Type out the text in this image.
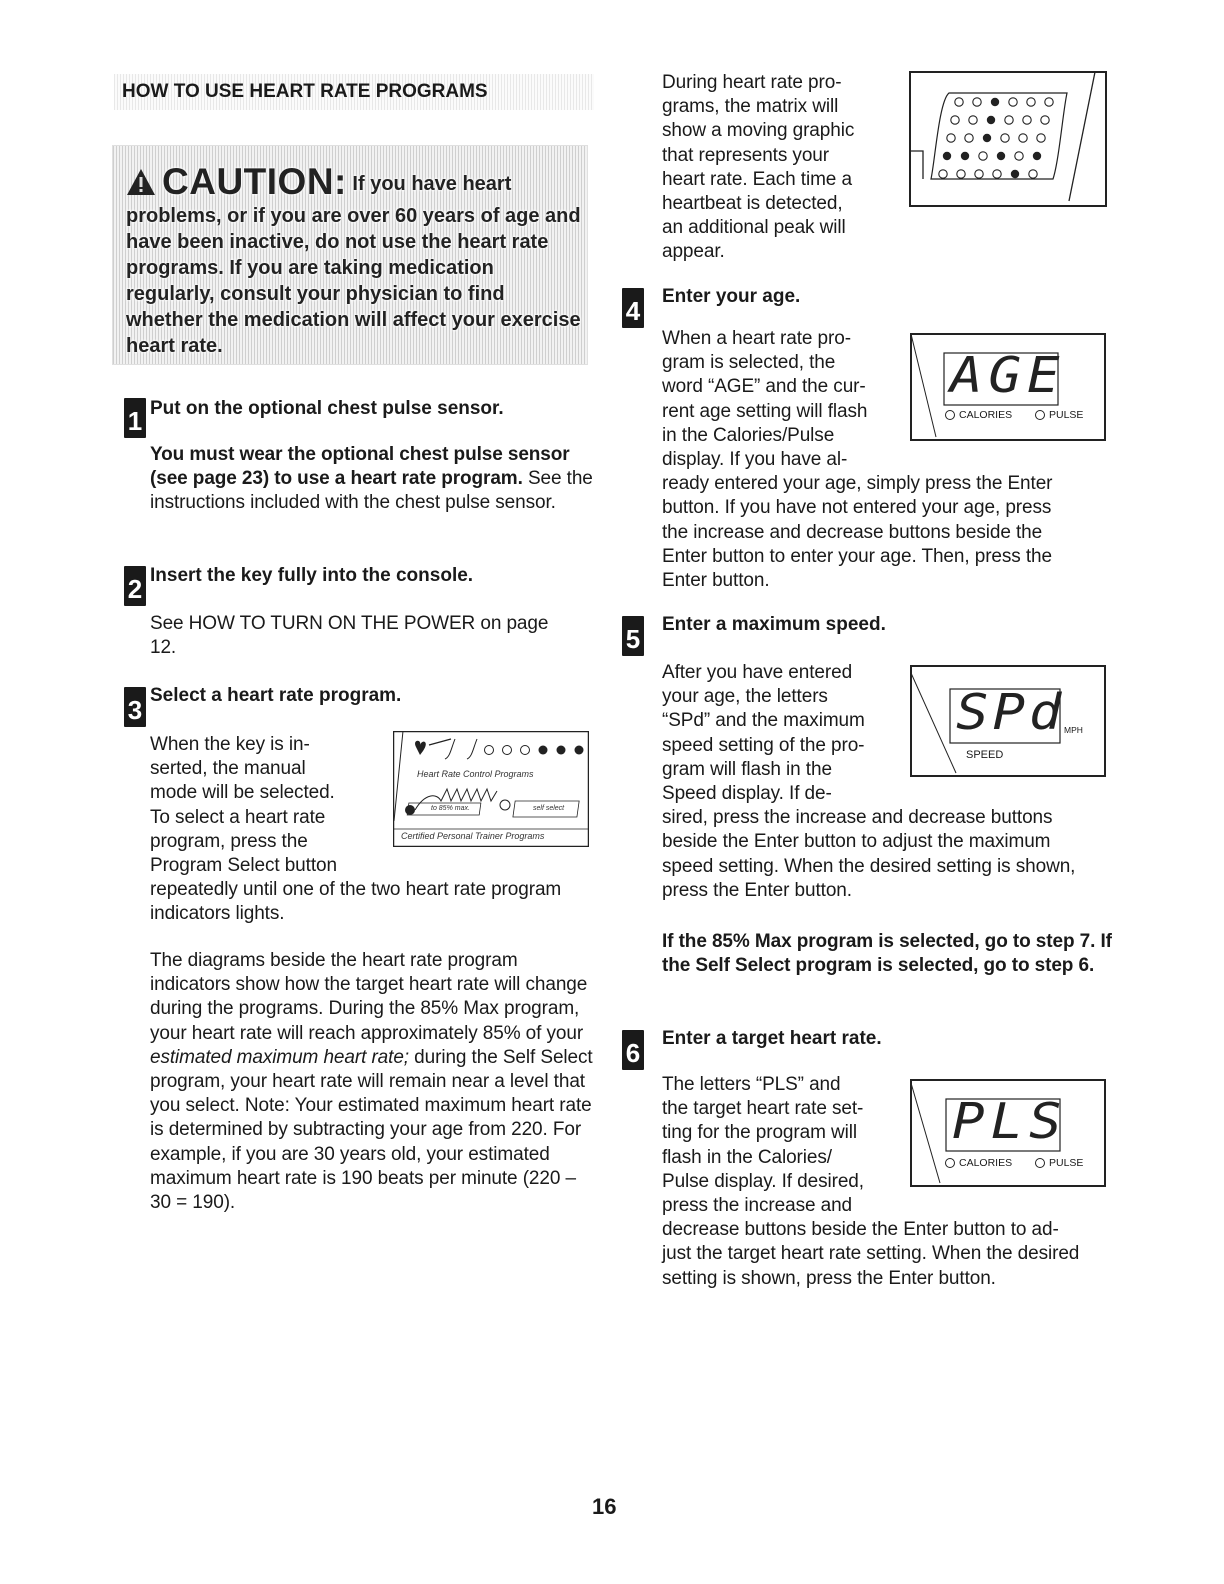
HOW TO USE HEART RATE PROGRAMS
CAUTION: If you have heart problems, or if you are over 60 years of age and have been inactive, do not use the heart rate programs. If you are taking medication regularly, consult your physician to find whether the medication will affect your exercise heart rate.
1 Put on the optional chest pulse sensor.
You must wear the optional chest pulse sensor (see page 23) to use a heart rate program. See the instructions included with the chest pulse sensor.
2 Insert the key fully into the console.
See HOW TO TURN ON THE POWER on page 12.
3 Select a heart rate program.
When the key is in-
serted, the manual
mode will be selected.
To select a heart rate
program, press the
Program Select button
repeatedly until one of the two heart rate program
indicators lights.
Heart Rate Control Programs
to 85% max.	self select
Certified Personal Trainer Programs
The diagrams beside the heart rate program indicators show how the target heart rate will change during the programs. During the 85% Max program, your heart rate will reach approximately 85% of your estimated maximum heart rate; during the Self Select program, your heart rate will remain near a level that you select. Note: Your estimated maximum heart rate is determined by subtracting your age from 220. For example, if you are 30 years old, your estimated maximum heart rate is 190 beats per minute (220 – 30 = 190).
During heart rate pro-
grams, the matrix will
show a moving graphic
that represents your
heart rate. Each time a
heartbeat is detected,
an additional peak will
appear.
4 Enter your age.
When a heart rate pro-
gram is selected, the
word “AGE” and the cur-
rent age setting will flash
in the Calories/Pulse
display. If you have al-
ready entered your age, simply press the Enter
button. If you have not entered your age, press
the increase and decrease buttons beside the
Enter button to enter your age. Then, press the
Enter button.
AGE
CALORIES	PULSE
5 Enter a maximum speed.
After you have entered
your age, the letters
“SPd” and the maximum
speed setting of the pro-
gram will flash in the
Speed display. If de-
sired, press the increase and decrease buttons
beside the Enter button to adjust the maximum
speed setting. When the desired setting is shown,
press the Enter button.
SPd
MPH
SPEED
If the 85% Max program is selected, go to step 7. If the Self Select program is selected, go to step 6.
6 Enter a target heart rate.
The letters “PLS” and
the target heart rate set-
ting for the program will
flash in the Calories/
Pulse display. If desired,
press the increase and
decrease buttons beside the Enter button to ad-
just the target heart rate setting. When the desired
setting is shown, press the Enter button.
PLS
CALORIES	PULSE
16
